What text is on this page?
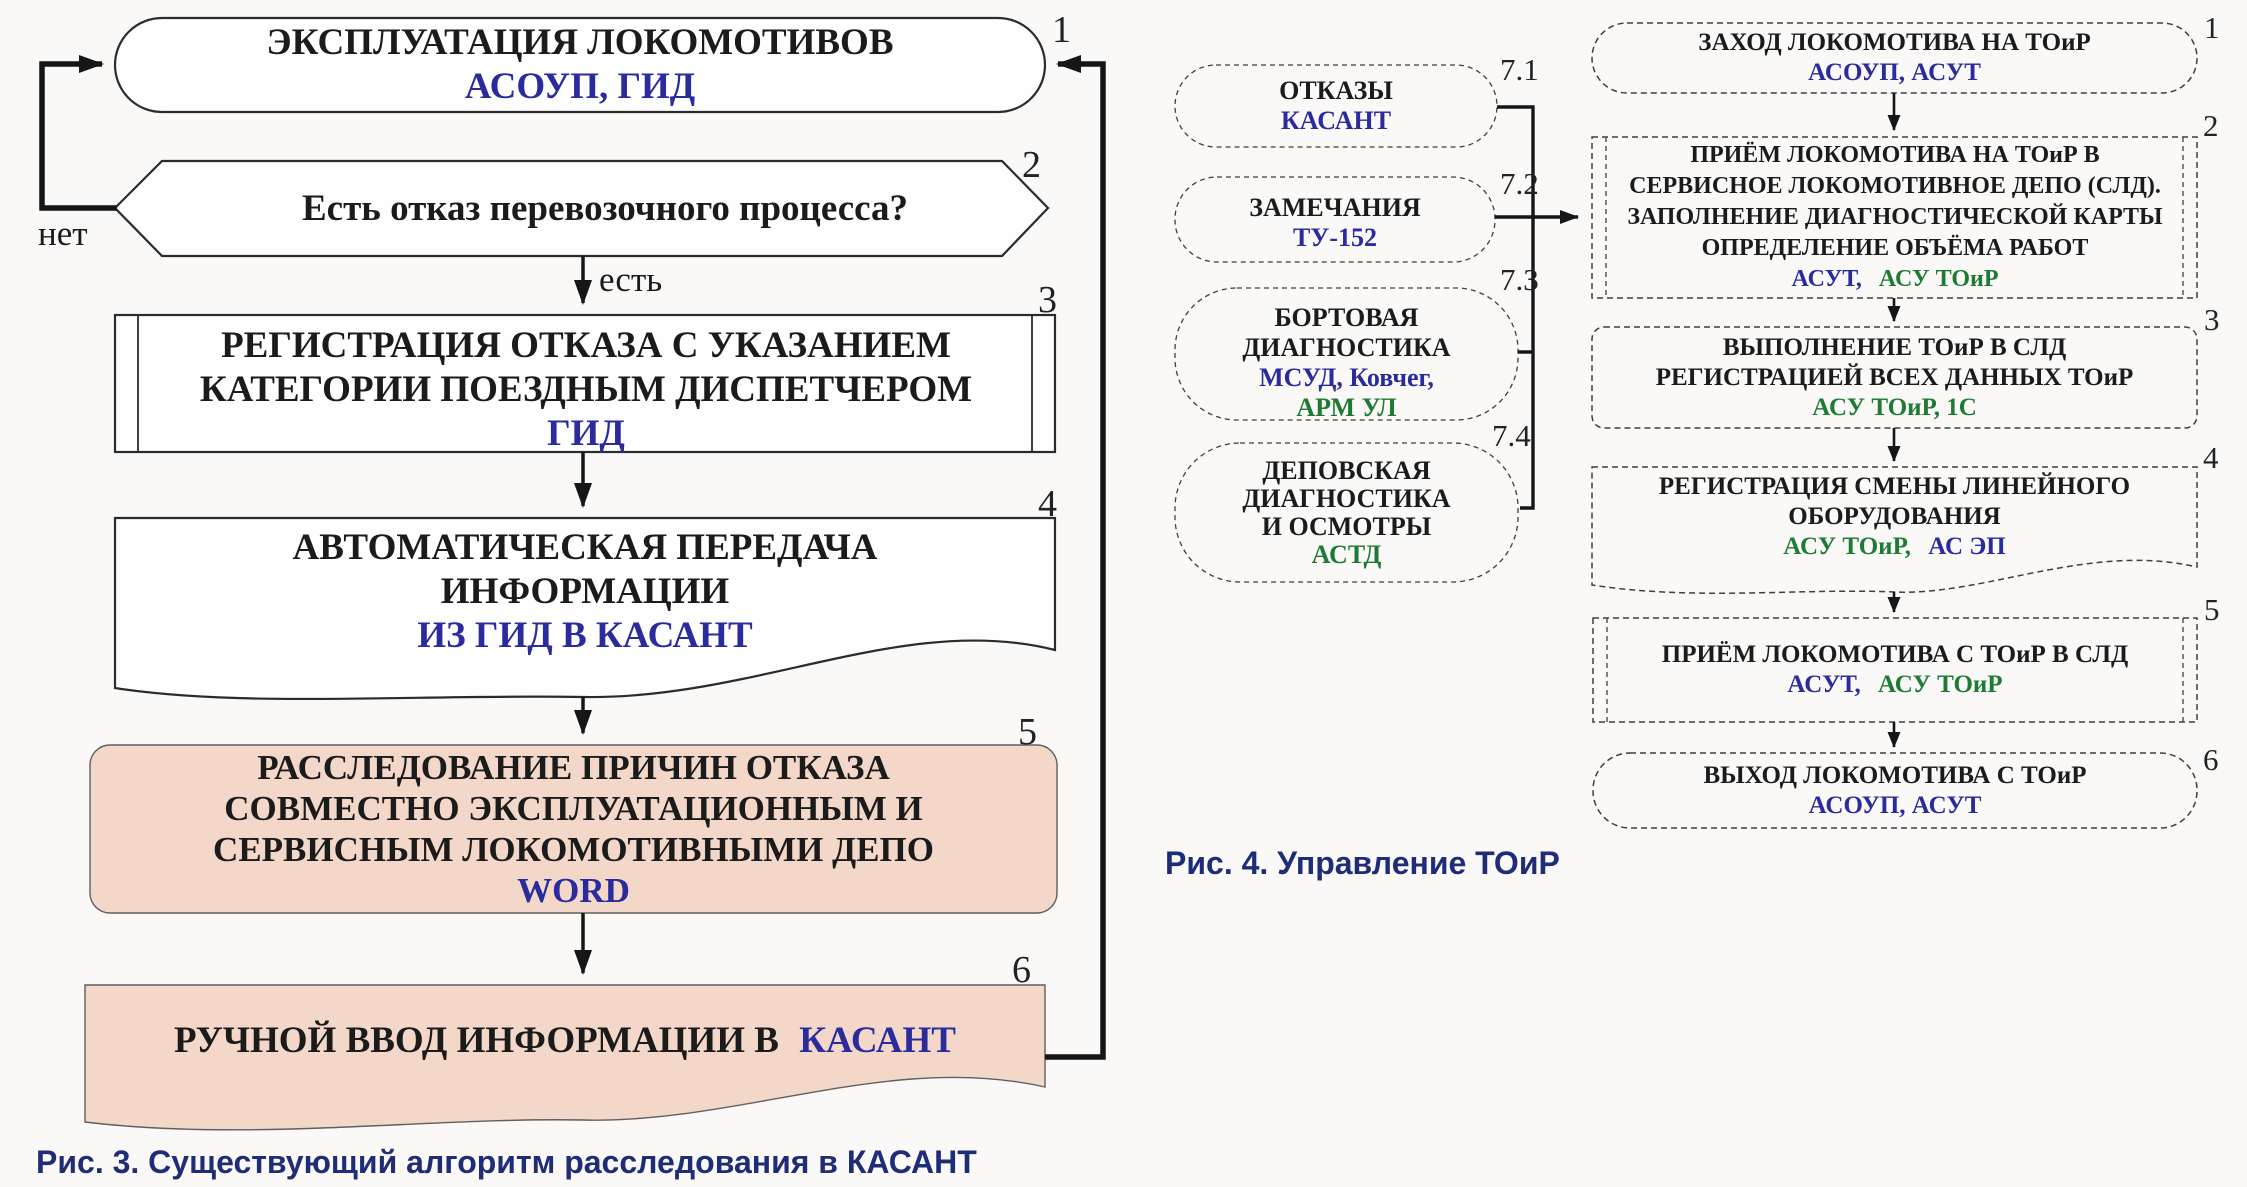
ЭКСПЛУАТАЦИЯ ЛОКОМОТИВОВ
АСОУП, ГИД
1
Есть отказ перевозочного процесса?
2
нет
есть
РЕГИСТРАЦИЯ ОТКАЗА С УКАЗАНИЕМ
КАТЕГОРИИ ПОЕЗДНЫМ ДИСПЕТЧЕРОМ
ГИД
3
АВТОМАТИЧЕСКАЯ ПЕРЕДАЧА
ИНФОРМАЦИИ
ИЗ ГИД В КАСАНТ
4
РАССЛЕДОВАНИЕ ПРИЧИН ОТКАЗА
СОВМЕСТНО ЭКСПЛУАТАЦИОННЫМ И
СЕРВИСНЫМ ЛОКОМОТИВНЫМИ ДЕПО
WORD
5
РУЧНОЙ ВВОД ИНФОРМАЦИИ В КАСАНТ
6
Рис. 3. Существующий алгоритм расследования в КАСАНТ
ОТКАЗЫ
КАСАНТ
7.1
ЗАМЕЧАНИЯ
ТУ-152
7.2
БОРТОВАЯ
ДИАГНОСТИКА
МСУД, Ковчег,
АРМ УЛ
7.3
ДЕПОВСКАЯ
ДИАГНОСТИКА
И ОСМОТРЫ
АСТД
7.4
ЗАХОД ЛОКОМОТИВА НА ТОиР
АСОУП, АСУТ
1
ПРИЁМ ЛОКОМОТИВА НА ТОиР В
СЕРВИСНОЕ ЛОКОМОТИВНОЕ ДЕПО (СЛД).
ЗАПОЛНЕНИЕ ДИАГНОСТИЧЕСКОЙ КАРТЫ
ОПРЕДЕЛЕНИЕ ОБЪЁМА РАБОТ
АСУТ, АСУ ТОиР
2
ВЫПОЛНЕНИЕ ТОиР В СЛД
РЕГИСТРАЦИЕЙ ВСЕХ ДАННЫХ ТОиР
АСУ ТОиР, 1С
3
РЕГИСТРАЦИЯ СМЕНЫ ЛИНЕЙНОГО
ОБОРУДОВАНИЯ
АСУ ТОиР, АС ЭП
4
ПРИЁМ ЛОКОМОТИВА С ТОиР В СЛД
АСУТ, АСУ ТОиР
5
ВЫХОД ЛОКОМОТИВА С ТОиР
АСОУП, АСУТ
6
Рис. 4. Управление ТОиР
